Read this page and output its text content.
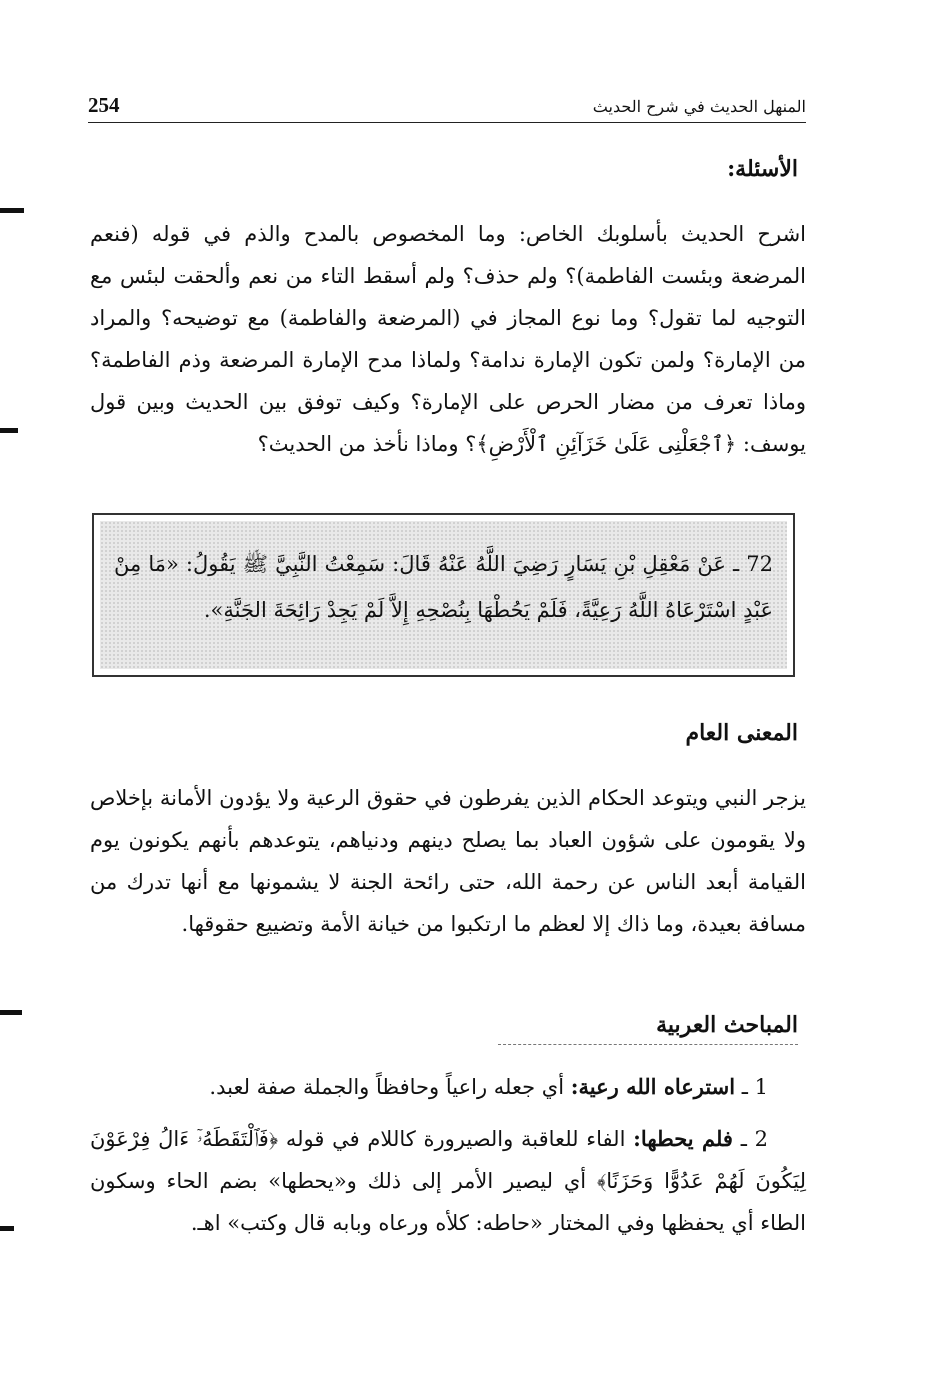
254	المنهل الحديث في شرح الحديث
الأسئلة:
اشرح الحديث بأسلوبك الخاص: وما المخصوص بالمدح والذم في قوله (فنعم المرضعة وبئست الفاطمة)؟ ولم حذف؟ ولم أسقط التاء من نعم وألحقت لبئس مع التوجيه لما تقول؟ وما نوع المجاز في (المرضعة والفاطمة) مع توضيحه؟ والمراد من الإمارة؟ ولمن تكون الإمارة ندامة؟ ولماذا مدح الإمارة المرضعة وذم الفاطمة؟ وماذا تعرف من مضار الحرص على الإمارة؟ وكيف توفق بين الحديث وبين قول يوسف: ﴿ٱجْعَلْنِى عَلَىٰ خَزَآئِنِ ٱلْأَرْضِ﴾؟ وماذا نأخذ من الحديث؟
72 ـ عَنْ مَعْقِلِ بْنِ يَسَارٍ رَضِيَ اللَّهُ عَنْهُ قَالَ: سَمِعْتُ النَّبِيَّ ﷺ يَقُولُ: «مَا مِنْ عَبْدٍ اسْتَرْعَاهُ اللَّهُ رَعِيَّةً، فَلَمْ يَحُطْهَا بِنُصْحِهِ إِلاَّ لَمْ يَجِدْ رَائِحَةَ الجَنَّةِ».
المعنى العام
يزجر النبي ويتوعد الحكام الذين يفرطون في حقوق الرعية ولا يؤدون الأمانة بإخلاص ولا يقومون على شؤون العباد بما يصلح دينهم ودنياهم، يتوعدهم بأنهم يكونون يوم القيامة أبعد الناس عن رحمة الله، حتى رائحة الجنة لا يشمونها مع أنها تدرك من مسافة بعيدة، وما ذاك إلا لعظم ما ارتكبوا من خيانة الأمة وتضييع حقوقها.
المباحث العربية
1 ـ استرعاه الله رعية: أي جعله راعياً وحافظاً والجملة صفة لعبد.
2 ـ فلم يحطها: الفاء للعاقبة والصيرورة كاللام في قوله ﴿فَٱلْتَقَطَهُۥٓ ءَالُ فِرْعَوْنَ لِيَكُونَ لَهُمْ عَدُوًّا وَحَزَنًا﴾ أي ليصير الأمر إلى ذلك و«يحطها» بضم الحاء وسكون الطاء أي يحفظها وفي المختار «حاطه: كلأه ورعاه وبابه قال وكتب» اهـ.
